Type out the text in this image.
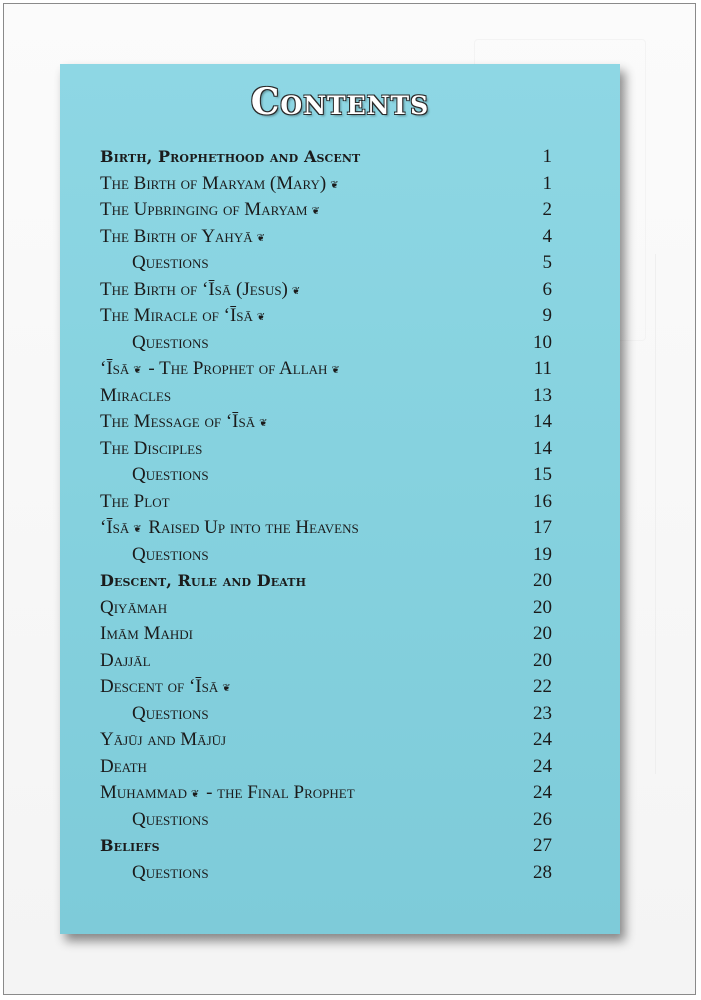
Contents
Birth, Prophethood and Ascent	1
The Birth of Maryam (Mary) ❦	1
The Upbringing of Maryam ❦	2
The Birth of Yahyā ❦	4
Questions	5
The Birth of ‘Īsā (Jesus) ❦	6
The Miracle of ‘Īsā ❦	9
Questions	10
‘Īsā ❦ - The Prophet of Allah ❦	11
Miracles	13
The Message of ‘Īsā ❦	14
The Disciples	14
Questions	15
The Plot	16
‘Īsā ❦ Raised Up into the Heavens	17
Questions	19
Descent, Rule and Death	20
Qiyāmah	20
Imām Mahdi	20
Dajjāl	20
Descent of ‘Īsā ❦	22
Questions	23
Yājūj and Mājūj	24
Death	24
Muhammad ❦ - the Final Prophet	24
Questions	26
Beliefs	27
Questions	28
